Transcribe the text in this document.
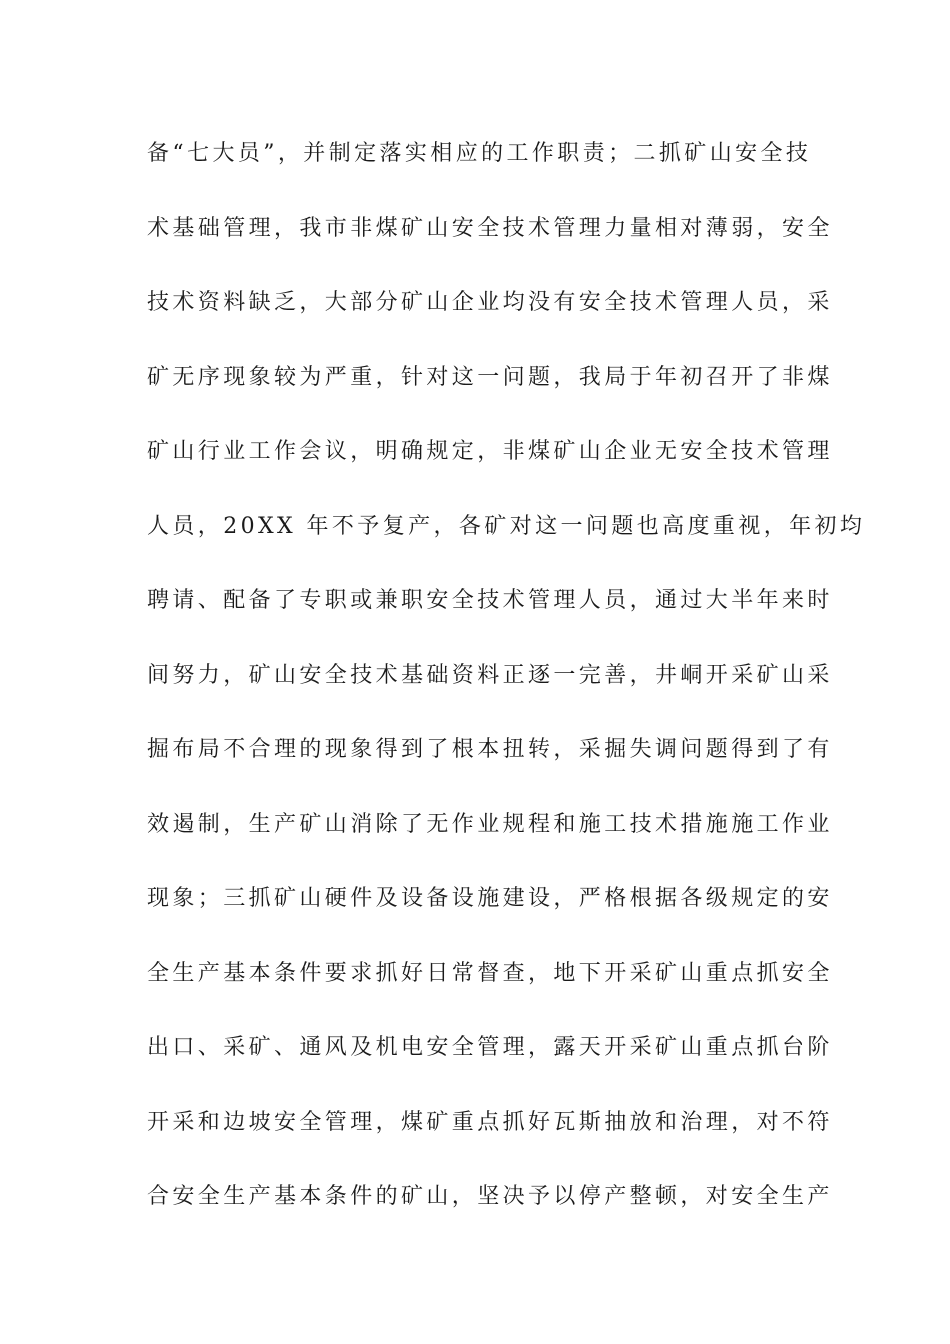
备“七大员”，并制定落实相应的工作职责；二抓矿山安全技
术基础管理，我市非煤矿山安全技术管理力量相对薄弱，安全
技术资料缺乏，大部分矿山企业均没有安全技术管理人员，采
矿无序现象较为严重，针对这一问题，我局于年初召开了非煤
矿山行业工作会议，明确规定，非煤矿山企业无安全技术管理
人员，20XX 年不予复产，各矿对这一问题也高度重视，年初均
聘请、配备了专职或兼职安全技术管理人员，通过大半年来时
间努力，矿山安全技术基础资料正逐一完善，井峒开采矿山采
掘布局不合理的现象得到了根本扭转，采掘失调问题得到了有
效遏制，生产矿山消除了无作业规程和施工技术措施施工作业
现象；三抓矿山硬件及设备设施建设，严格根据各级规定的安
全生产基本条件要求抓好日常督查，地下开采矿山重点抓安全
出口、采矿、通风及机电安全管理，露天开采矿山重点抓台阶
开采和边坡安全管理，煤矿重点抓好瓦斯抽放和治理，对不符
合安全生产基本条件的矿山，坚决予以停产整顿，对安全生产
